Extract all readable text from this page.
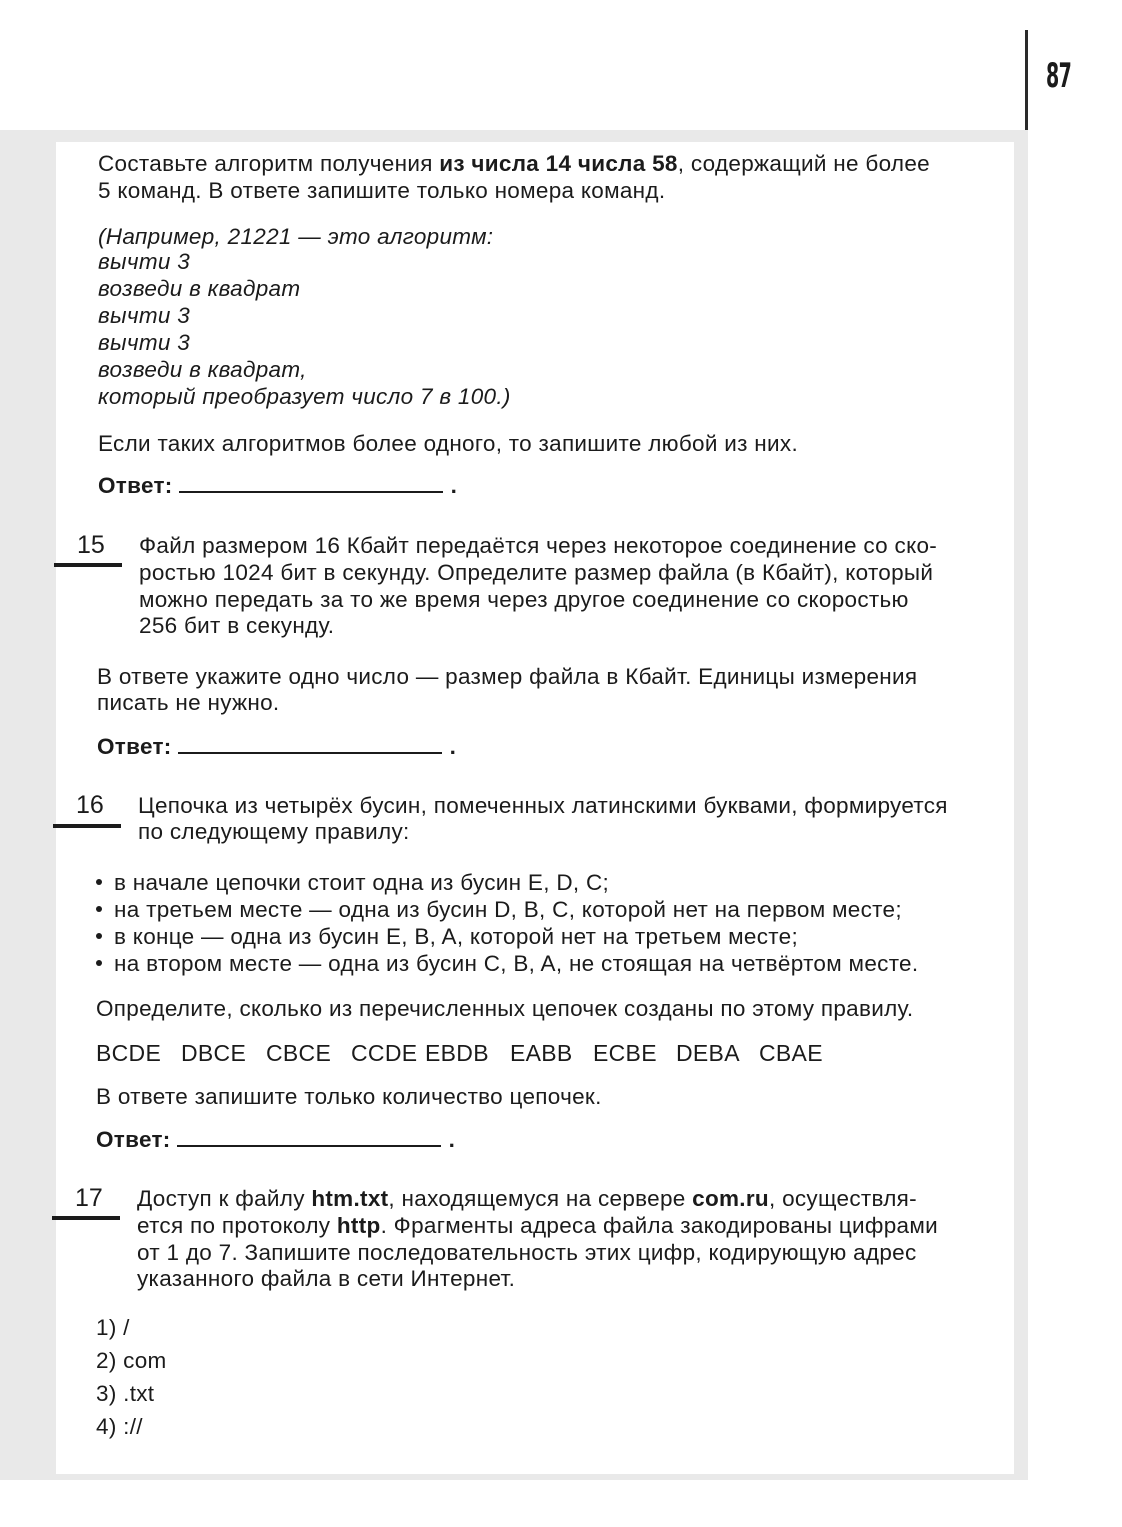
87
Составьте алгоритм получения из числа 14 числа 58, содержащий не более
5 команд. В ответе запишите только номера команд.
(Например, 21221 — это алгоритм:
вычти 3
возведи в квадрат
вычти 3
вычти 3
возведи в квадрат,
который преобразует число 7 в 100.)
Если таких алгоритмов более одного, то запишите любой из них.
Ответ:	.
15 Файл размером 16 Кбайт передаётся через некоторое соединение со ско-
ростью 1024 бит в секунду. Определите размер файла (в Кбайт), который
можно передать за то же время через другое соединение со скоростью
256 бит в секунду.
В ответе укажите одно число — размер файла в Кбайт. Единицы измерения
писать не нужно.
Ответ:	.
16 Цепочка из четырёх бусин, помеченных латинскими буквами, формируется
по следующему правилу:
в начале цепочки стоит одна из бусин E, D, C;
на третьем месте — одна из бусин D, B, C, которой нет на первом месте;
в конце — одна из бусин E, B, A, которой нет на третьем месте;
на втором месте — одна из бусин C, B, A, не стоящая на четвёртом месте.
Определите, сколько из перечисленных цепочек созданы по этому правилу.
BCDE DBCE CBCE CCDE EBDB EABB ECBE DEBA CBAE
В ответе запишите только количество цепочек.
Ответ:	.
17 Доступ к файлу htm.txt, находящемуся на сервере com.ru, осуществля-
ется по протоколу http. Фрагменты адреса файла закодированы цифрами
от 1 до 7. Запишите последовательность этих цифр, кодирующую адрес
указанного файла в сети Интернет.
1) /
2) com
3) .txt
4) ://
